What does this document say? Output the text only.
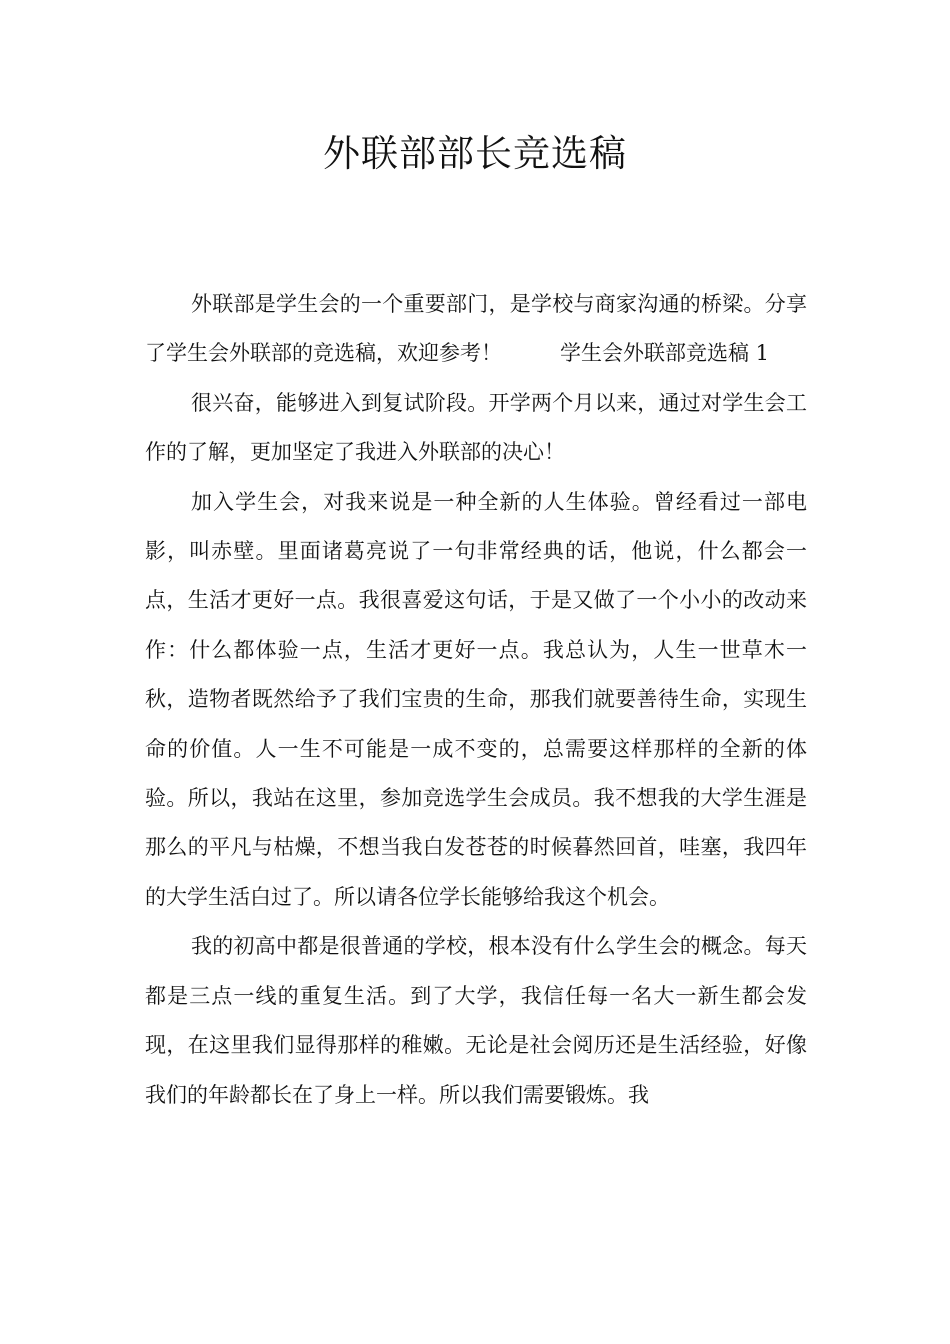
外联部部长竞选稿

外联部是学生会的一个重要部门，是学校与商家沟通的桥梁。分享了学生会外联部的竞选稿，欢迎参考！	学生会外联部竞选稿 1

很兴奋，能够进入到复试阶段。开学两个月以来，通过对学生会工作的了解，更加坚定了我进入外联部的决心！

加入学生会，对我来说是一种全新的人生体验。曾经看过一部电影，叫赤壁。里面诸葛亮说了一句非常经典的话，他说，什么都会一点，生活才更好一点。我很喜爱这句话，于是又做了一个小小的改动来作：什么都体验一点，生活才更好一点。我总认为，人生一世草木一秋，造物者既然给予了我们宝贵的生命，那我们就要善待生命，实现生命的价值。人一生不可能是一成不变的，总需要这样那样的全新的体验。所以，我站在这里，参加竞选学生会成员。我不想我的大学生涯是那么的平凡与枯燥，不想当我白发苍苍的时候暮然回首，哇塞，我四年的大学生活白过了。所以请各位学长能够给我这个机会。

我的初高中都是很普通的学校，根本没有什么学生会的概念。每天都是三点一线的重复生活。到了大学，我信任每一名大一新生都会发现，在这里我们显得那样的稚嫩。无论是社会阅历还是生活经验，好像我们的年龄都长在了身上一样。所以我们需要锻炼。我
